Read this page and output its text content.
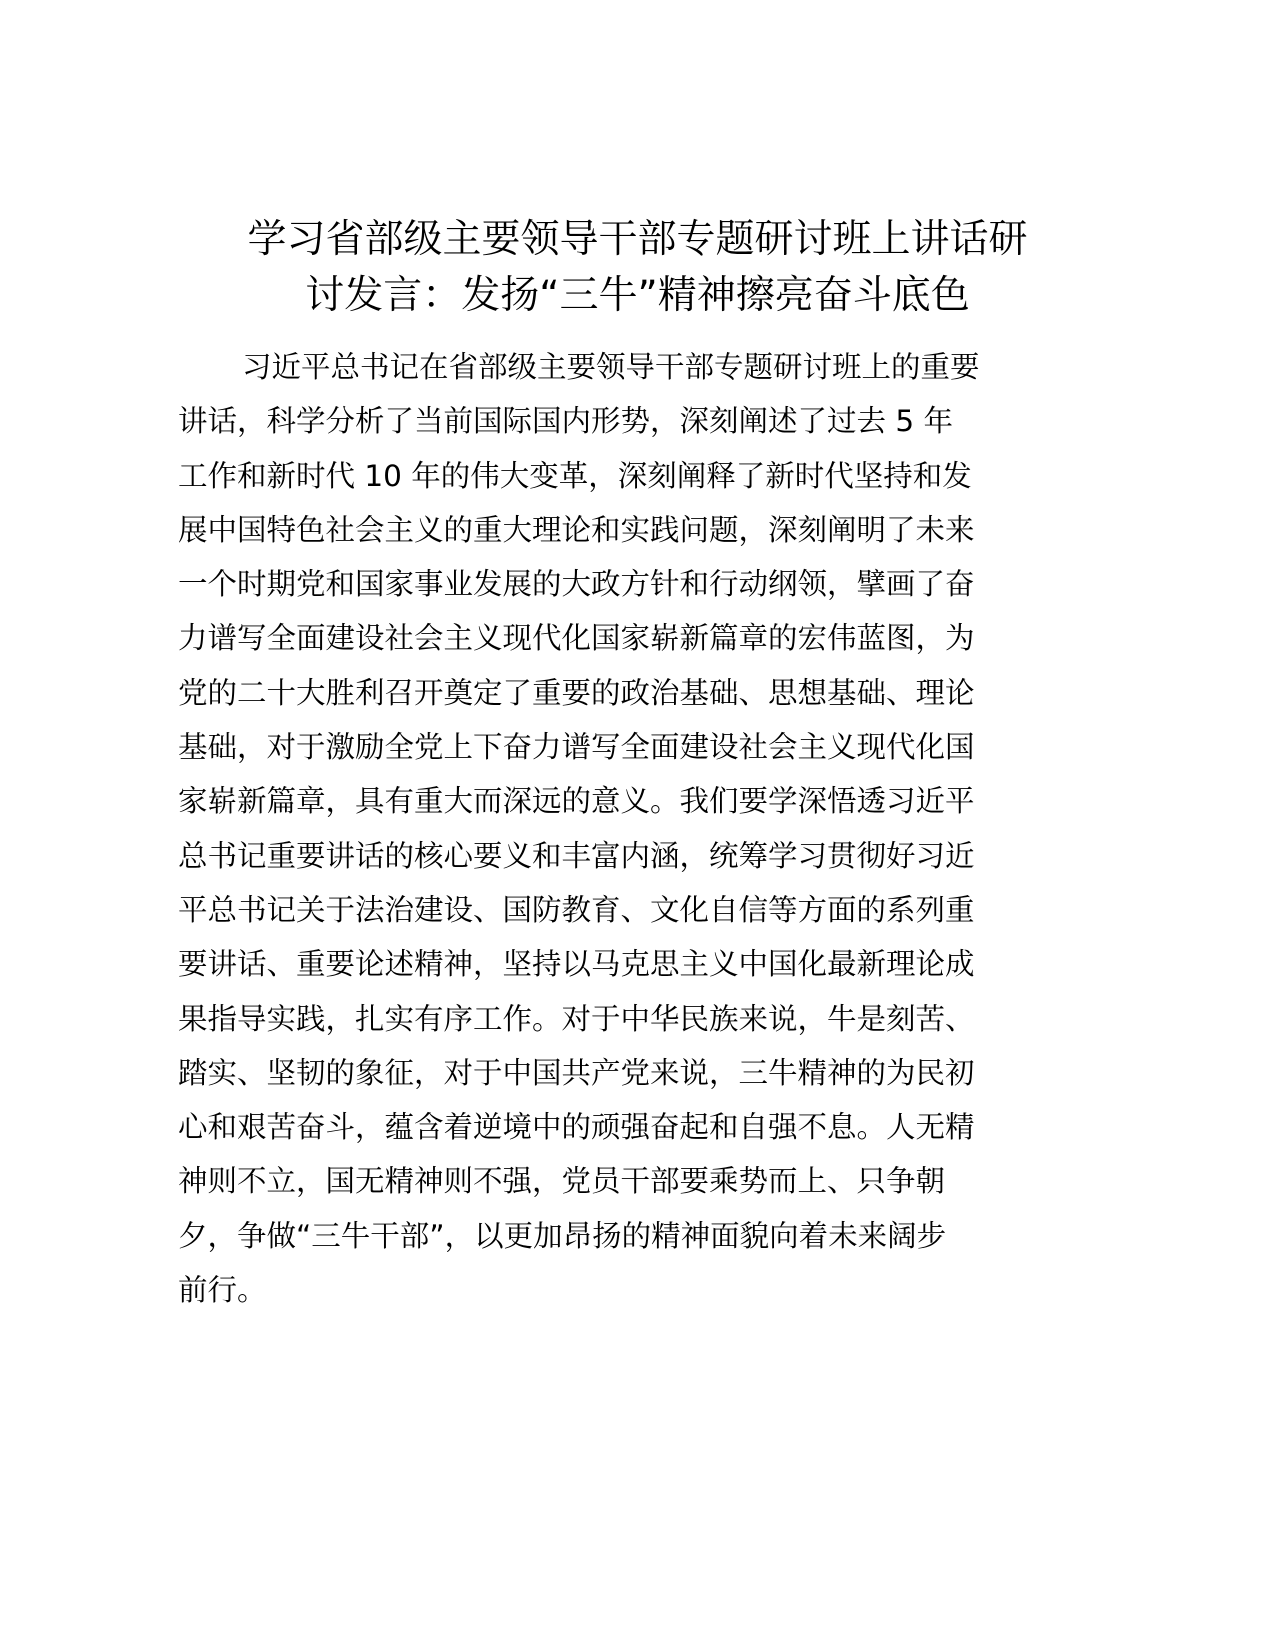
学习省部级主要领导干部专题研讨班上讲话研
讨发言：发扬“三牛”精神擦亮奋斗底色
习近平总书记在省部级主要领导干部专题研讨班上的重要
讲话，科学分析了当前国际国内形势，深刻阐述了过去 5 年
工作和新时代 10 年的伟大变革，深刻阐释了新时代坚持和发
展中国特色社会主义的重大理论和实践问题，深刻阐明了未来
一个时期党和国家事业发展的大政方针和行动纲领，擘画了奋
力谱写全面建设社会主义现代化国家崭新篇章的宏伟蓝图，为
党的二十大胜利召开奠定了重要的政治基础、思想基础、理论
基础，对于激励全党上下奋力谱写全面建设社会主义现代化国
家崭新篇章，具有重大而深远的意义。我们要学深悟透习近平
总书记重要讲话的核心要义和丰富内涵，统筹学习贯彻好习近
平总书记关于法治建设、国防教育、文化自信等方面的系列重
要讲话、重要论述精神，坚持以马克思主义中国化最新理论成
果指导实践，扎实有序工作。对于中华民族来说，牛是刻苦、
踏实、坚韧的象征，对于中国共产党来说，三牛精神的为民初
心和艰苦奋斗，蕴含着逆境中的顽强奋起和自强不息。人无精
神则不立，国无精神则不强，党员干部要乘势而上、只争朝
夕，争做“三牛干部”，以更加昂扬的精神面貌向着未来阔步
前行。
